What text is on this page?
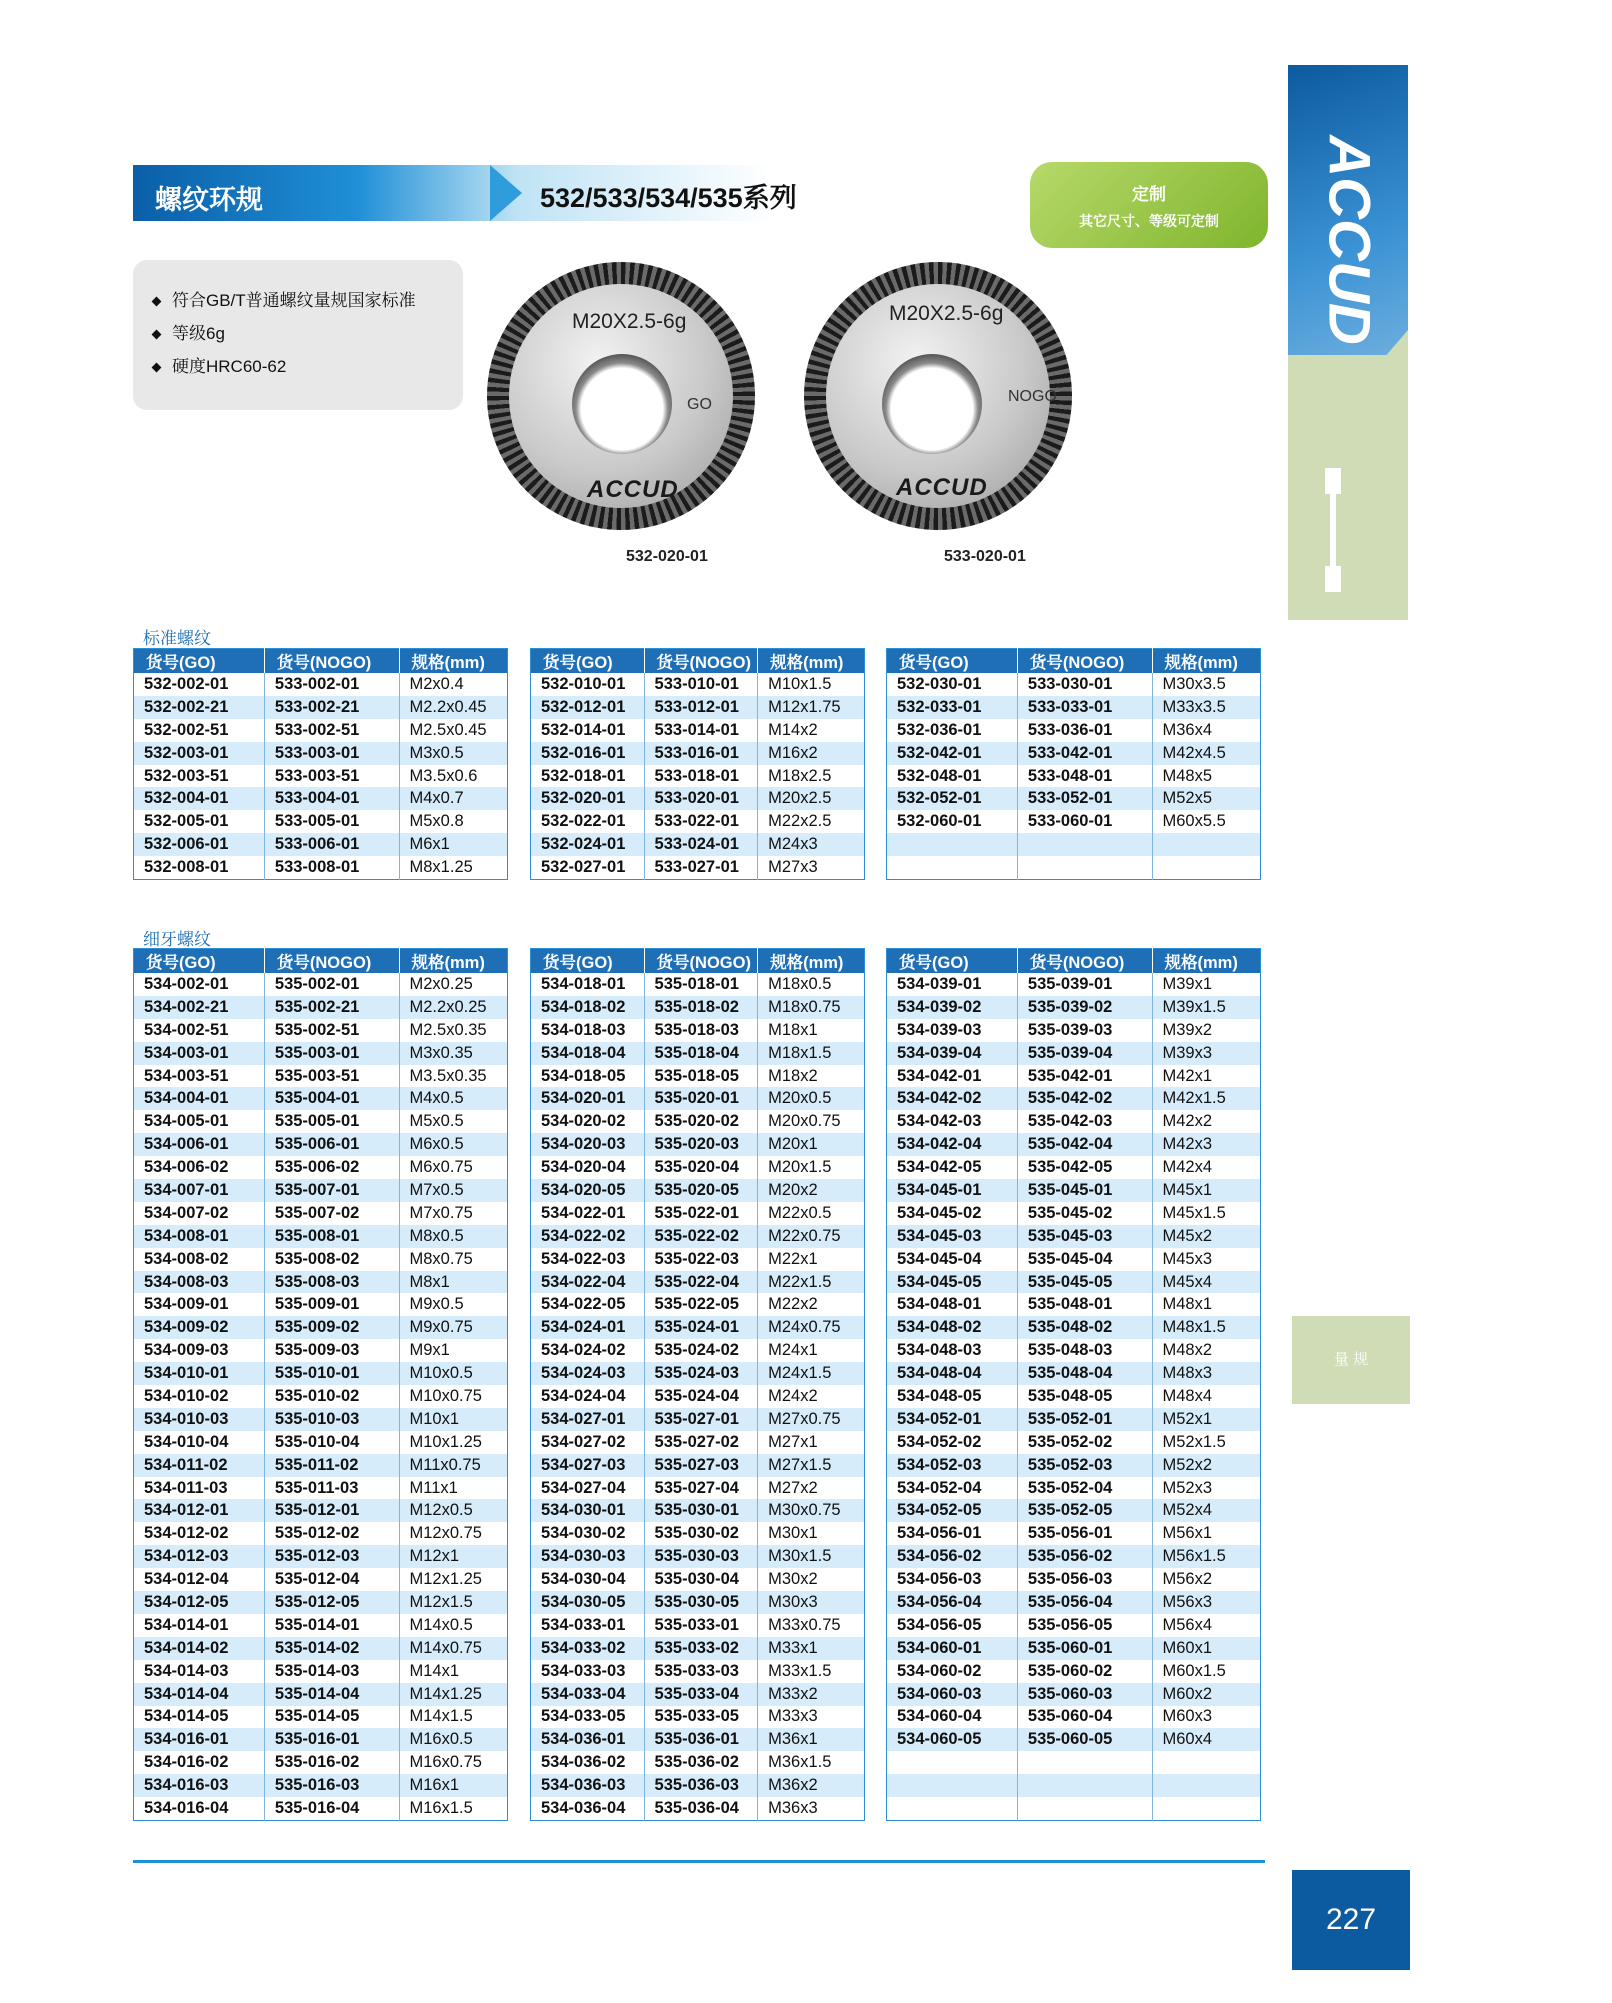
ACCUD
量 规
227
螺纹环规	532/533/534/535系列	定制
其它尺寸、等级可定制
符合GB/T普通螺纹量规国家标准
等级6g
硬度HRC60-62
M20X2.5-6g
GO
ACCUD
532-020-01
M20X2.5-6g
NOGO
ACCUD
533-020-01
标准螺纹
细牙螺纹
货号(GO)	货号(NOGO)	规格(mm)
532-002-01	533-002-01	M2x0.4
532-002-21	533-002-21	M2.2x0.45
532-002-51	533-002-51	M2.5x0.45
532-003-01	533-003-01	M3x0.5
532-003-51	533-003-51	M3.5x0.6
532-004-01	533-004-01	M4x0.7
532-005-01	533-005-01	M5x0.8
532-006-01	533-006-01	M6x1
532-008-01	533-008-01	M8x1.25
货号(GO)	货号(NOGO)	规格(mm)
532-010-01	533-010-01	M10x1.5
532-012-01	533-012-01	M12x1.75
532-014-01	533-014-01	M14x2
532-016-01	533-016-01	M16x2
532-018-01	533-018-01	M18x2.5
532-020-01	533-020-01	M20x2.5
532-022-01	533-022-01	M22x2.5
532-024-01	533-024-01	M24x3
532-027-01	533-027-01	M27x3
货号(GO)	货号(NOGO)	规格(mm)
532-030-01	533-030-01	M30x3.5
532-033-01	533-033-01	M33x3.5
532-036-01	533-036-01	M36x4
532-042-01	533-042-01	M42x4.5
532-048-01	533-048-01	M48x5
532-052-01	533-052-01	M52x5
532-060-01	533-060-01	M60x5.5

货号(GO)	货号(NOGO)	规格(mm)
534-002-01	535-002-01	M2x0.25
534-002-21	535-002-21	M2.2x0.25
534-002-51	535-002-51	M2.5x0.35
534-003-01	535-003-01	M3x0.35
534-003-51	535-003-51	M3.5x0.35
534-004-01	535-004-01	M4x0.5
534-005-01	535-005-01	M5x0.5
534-006-01	535-006-01	M6x0.5
534-006-02	535-006-02	M6x0.75
534-007-01	535-007-01	M7x0.5
534-007-02	535-007-02	M7x0.75
534-008-01	535-008-01	M8x0.5
534-008-02	535-008-02	M8x0.75
534-008-03	535-008-03	M8x1
534-009-01	535-009-01	M9x0.5
534-009-02	535-009-02	M9x0.75
534-009-03	535-009-03	M9x1
534-010-01	535-010-01	M10x0.5
534-010-02	535-010-02	M10x0.75
534-010-03	535-010-03	M10x1
534-010-04	535-010-04	M10x1.25
534-011-02	535-011-02	M11x0.75
534-011-03	535-011-03	M11x1
534-012-01	535-012-01	M12x0.5
534-012-02	535-012-02	M12x0.75
534-012-03	535-012-03	M12x1
534-012-04	535-012-04	M12x1.25
534-012-05	535-012-05	M12x1.5
534-014-01	535-014-01	M14x0.5
534-014-02	535-014-02	M14x0.75
534-014-03	535-014-03	M14x1
534-014-04	535-014-04	M14x1.25
534-014-05	535-014-05	M14x1.5
534-016-01	535-016-01	M16x0.5
534-016-02	535-016-02	M16x0.75
534-016-03	535-016-03	M16x1
534-016-04	535-016-04	M16x1.5
货号(GO)	货号(NOGO)	规格(mm)
534-018-01	535-018-01	M18x0.5
534-018-02	535-018-02	M18x0.75
534-018-03	535-018-03	M18x1
534-018-04	535-018-04	M18x1.5
534-018-05	535-018-05	M18x2
534-020-01	535-020-01	M20x0.5
534-020-02	535-020-02	M20x0.75
534-020-03	535-020-03	M20x1
534-020-04	535-020-04	M20x1.5
534-020-05	535-020-05	M20x2
534-022-01	535-022-01	M22x0.5
534-022-02	535-022-02	M22x0.75
534-022-03	535-022-03	M22x1
534-022-04	535-022-04	M22x1.5
534-022-05	535-022-05	M22x2
534-024-01	535-024-01	M24x0.75
534-024-02	535-024-02	M24x1
534-024-03	535-024-03	M24x1.5
534-024-04	535-024-04	M24x2
534-027-01	535-027-01	M27x0.75
534-027-02	535-027-02	M27x1
534-027-03	535-027-03	M27x1.5
534-027-04	535-027-04	M27x2
534-030-01	535-030-01	M30x0.75
534-030-02	535-030-02	M30x1
534-030-03	535-030-03	M30x1.5
534-030-04	535-030-04	M30x2
534-030-05	535-030-05	M30x3
534-033-01	535-033-01	M33x0.75
534-033-02	535-033-02	M33x1
534-033-03	535-033-03	M33x1.5
534-033-04	535-033-04	M33x2
534-033-05	535-033-05	M33x3
534-036-01	535-036-01	M36x1
534-036-02	535-036-02	M36x1.5
534-036-03	535-036-03	M36x2
534-036-04	535-036-04	M36x3
货号(GO)	货号(NOGO)	规格(mm)
534-039-01	535-039-01	M39x1
534-039-02	535-039-02	M39x1.5
534-039-03	535-039-03	M39x2
534-039-04	535-039-04	M39x3
534-042-01	535-042-01	M42x1
534-042-02	535-042-02	M42x1.5
534-042-03	535-042-03	M42x2
534-042-04	535-042-04	M42x3
534-042-05	535-042-05	M42x4
534-045-01	535-045-01	M45x1
534-045-02	535-045-02	M45x1.5
534-045-03	535-045-03	M45x2
534-045-04	535-045-04	M45x3
534-045-05	535-045-05	M45x4
534-048-01	535-048-01	M48x1
534-048-02	535-048-02	M48x1.5
534-048-03	535-048-03	M48x2
534-048-04	535-048-04	M48x3
534-048-05	535-048-05	M48x4
534-052-01	535-052-01	M52x1
534-052-02	535-052-02	M52x1.5
534-052-03	535-052-03	M52x2
534-052-04	535-052-04	M52x3
534-052-05	535-052-05	M52x4
534-056-01	535-056-01	M56x1
534-056-02	535-056-02	M56x1.5
534-056-03	535-056-03	M56x2
534-056-04	535-056-04	M56x3
534-056-05	535-056-05	M56x4
534-060-01	535-060-01	M60x1
534-060-02	535-060-02	M60x1.5
534-060-03	535-060-03	M60x2
534-060-04	535-060-04	M60x3
534-060-05	535-060-05	M60x4
